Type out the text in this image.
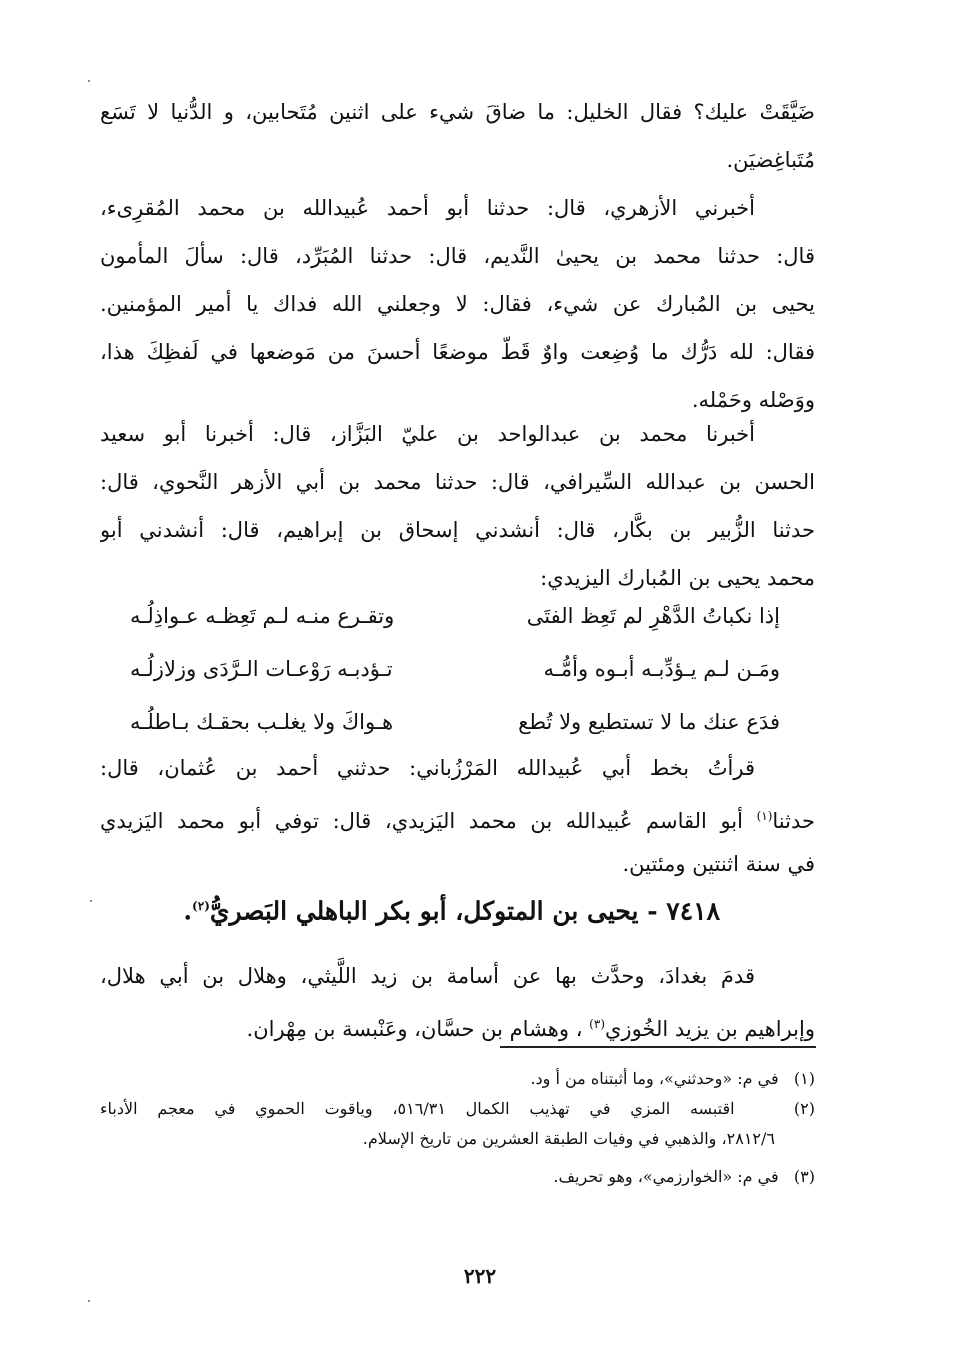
ضَيَّقَتْ عليك؟ فقال الخليل: ما ضاقَ شيء على اثنين مُتَحابين، و الدُّنيا لا تَسَع
مُتَباغِضيَن.
أخبرني الأزهري، قال: حدثنا أبو أحمد عُبيدالله بن محمد المُقرِىء،
قال: حدثنا محمد بن يحيىٰ النَّديم، قال: حدثنا المُبَرِّد، قال: سألَ المأمون
يحيى بن المُبارك عن شيء، فقال: لا وجعلني الله فداك يا أمير المؤمنين.
فقال: لله دَرُّك ما وُضِعت واوٌ قَطّ موضعًا أحسنَ من مَوضعها في لَفظِكَ هذا،
ووَصْله وحَمْله.
أخبرنا محمد بن عبدالواحد بن عليّ البَزَّاز، قال: أخبرنا أبو سعيد
الحسن بن عبدالله السِّيرافي، قال: حدثنا محمد بن أبي الأزهر النَّحوي، قال:
حدثنا الزُّبير بن بكَّار، قال: أنشدني إسحاق بن إبراهيم، قال: أنشدني أبو
محمد يحيى بن المُبارك اليزيدي:
إذا نكباتُ الدَّهْرِ لم تَعِظ الفتَى
وتقـرع منـه لـم تَعِظـه عـواذِلُـه
ومَـن لـم يـؤدِّبـه أبـوه وأمُّـه
تـؤدبـه رَوْعـات الـرَّدَى وزلازلُـه
فدَع عنك ما لا تستطيع ولا تُطع
هـواكَ ولا يغلـب بحقـك بـاطلُـه
قرأتُ بخط أبي عُبيدالله المَرْزُباني: حدثني أحمد بن عُثمان، قال:
حدثنا$^{(١)}$ أبو القاسم عُبيدالله بن محمد اليَزيدي، قال: توفي أبو محمد اليَزيدي
في سنة اثنتين ومئتين.
٧٤١٨ - يحيى بن المتوكل، أبو بكر الباهلي البَصريُّ$^{(٢)}$.
قدمَ بغدادَ، وحدَّث بها عن أسامة بن زيد اللَّيثي، وهلال بن أبي هلال،
وإبراهيم بن يزيد الخُوزي$^{(٣)}$ ، وهشام بن حسَّان، وعَنْبسة بن مِهْران.
(١)   في م: «وحدثني»، وما أثبتناه من أ ود.
(٢)   اقتبسه المزي في تهذيب الكمال ٥١٦/٣١، وياقوت الحموي في معجم الأدباء
٢٨١٢/٦، والذهبي في وفيات الطبقة العشرين من تاريخ الإسلام.
(٣)   في م: «الخوارزمي»، وهو تحريف.
٢٢٢
